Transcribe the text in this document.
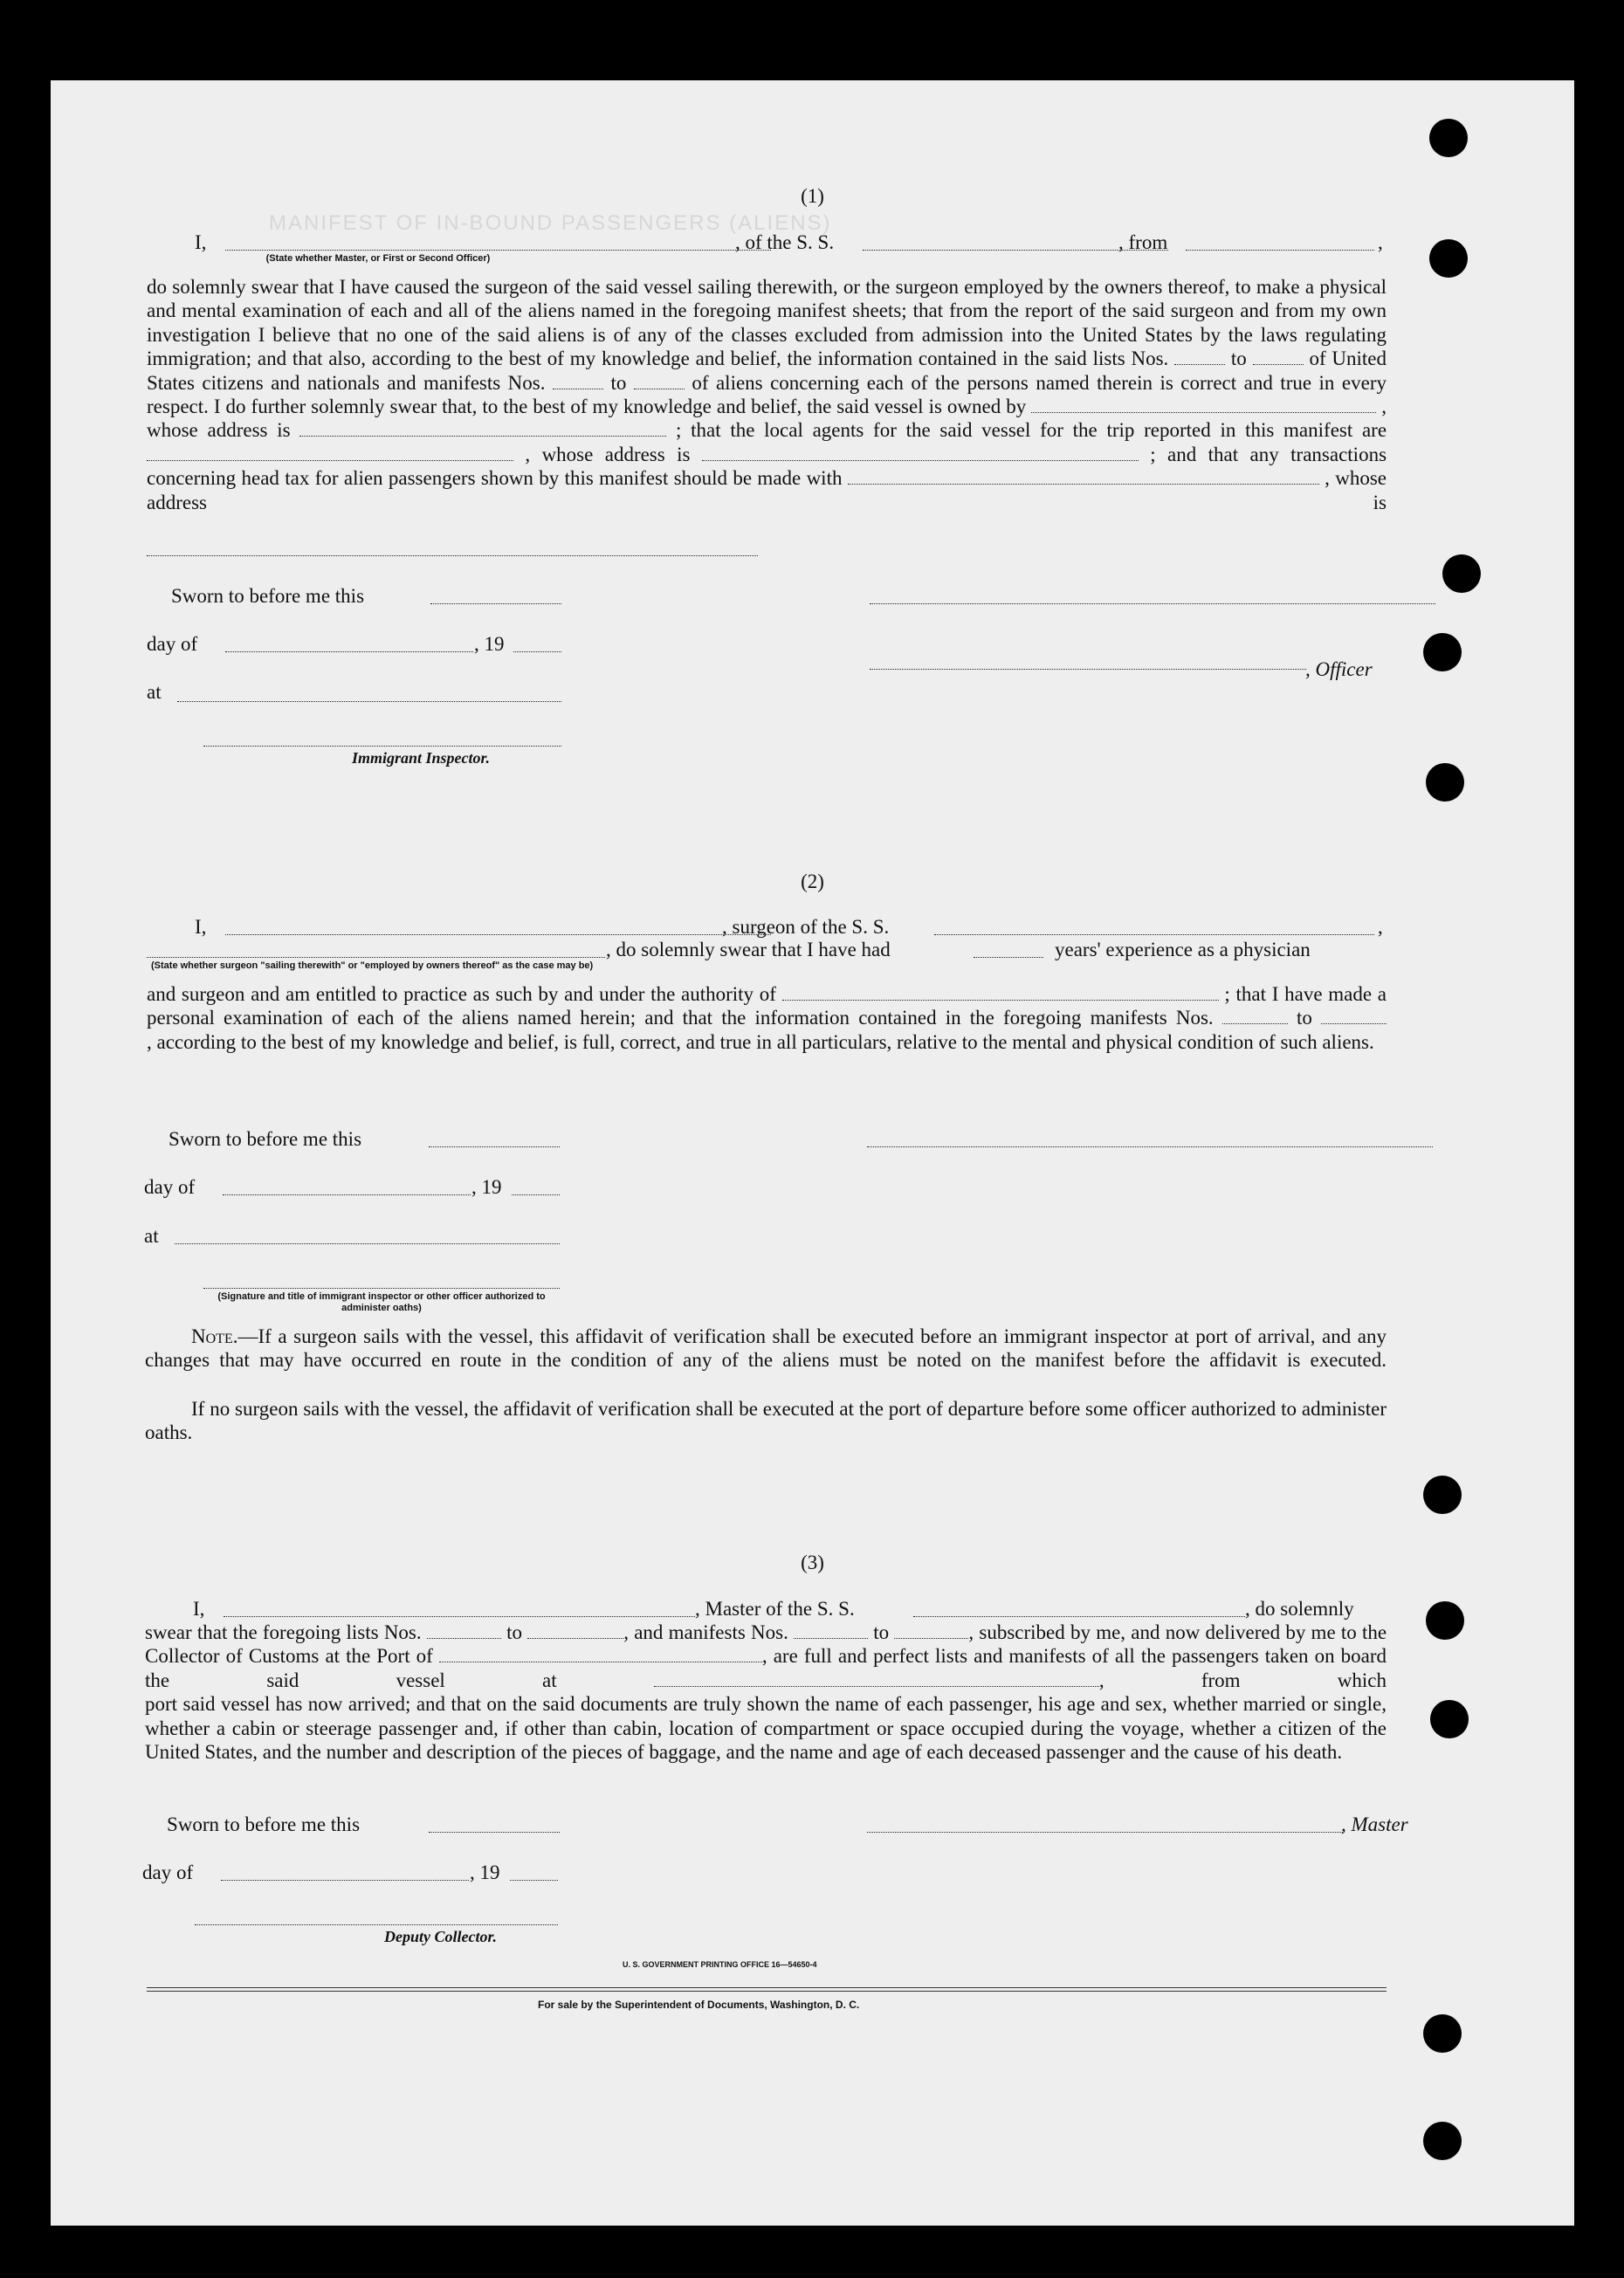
MANIFEST OF IN-BOUND PASSENGERS (ALIENS)
(1)
I,	, of the S. S.	, from	,
(State whether Master, or First or Second Officer)
do solemnly swear that I have caused the surgeon of the said vessel sailing therewith, or the surgeon employed by the owners thereof, to make a physical and mental examination of each and all of the aliens named in the foregoing manifest sheets; that from the report of the said surgeon and from my own investigation I believe that no one of the said aliens is of any of the classes excluded from admission into the United States by the laws regulating immigration; and that also, according to the best of my knowledge and belief, the information contained in the said lists Nos.	to	of United States citizens and nationals and manifests Nos.	to	of aliens concerning each of the persons named therein is correct and true in every respect. I do further solemnly swear that, to the best of my knowledge and belief, the said vessel is owned by	, whose address is	; that the local agents for the said vessel for the trip reported in this manifest are  , whose address is	; and that any transactions concerning head tax for alien passengers shown by this manifest should be made with	, whose address is
Sworn to before me this
day of	, 19
, Officer
at
Immigrant Inspector.
(2)
I,	, surgeon of the S. S.	,
, do solemnly swear that I have had	years' experience as a physician
(State whether surgeon "sailing therewith" or "employed by owners thereof" as the case may be)
and surgeon and am entitled to practice as such by and under the authority of	; that I have made a personal examination of each of the aliens named herein; and that the information contained in the foregoing manifests Nos.	to
, according to the best of my knowledge and belief, is full, correct, and true in all particulars, relative to the mental and physical condition of such aliens.
Sworn to before me this
day of	, 19
at
(Signature and title of immigrant inspector or other officer authorized to administer oaths)
Note.—If a surgeon sails with the vessel, this affidavit of verification shall be executed before an immigrant inspector at port of arrival, and any changes that may have occurred en route in the condition of any of the aliens must be noted on the manifest before the affidavit is executed.
If no surgeon sails with the vessel, the affidavit of verification shall be executed at the port of departure before some officer authorized to administer oaths.
(3)
I,	, Master of the S. S.	, do solemnly
swear that the foregoing lists Nos.	to	, and manifests Nos.	to	, subscribed by me, and now delivered by me to the Collector of Customs at the Port of	, are full and perfect lists and manifests of all the passengers taken on board the said vessel at	, from which
port said vessel has now arrived; and that on the said documents are truly shown the name of each passenger, his age and sex, whether married or single, whether a cabin or steerage passenger and, if other than cabin, location of compartment or space occupied during the voyage, whether a citizen of the United States, and the number and description of the pieces of baggage, and the name and age of each deceased passenger and the cause of his death.
Sworn to before me this	, Master
day of	, 19
Deputy Collector.
U. S. GOVERNMENT PRINTING OFFICE 16—54650-4
For sale by the Superintendent of Documents, Washington, D. C.
